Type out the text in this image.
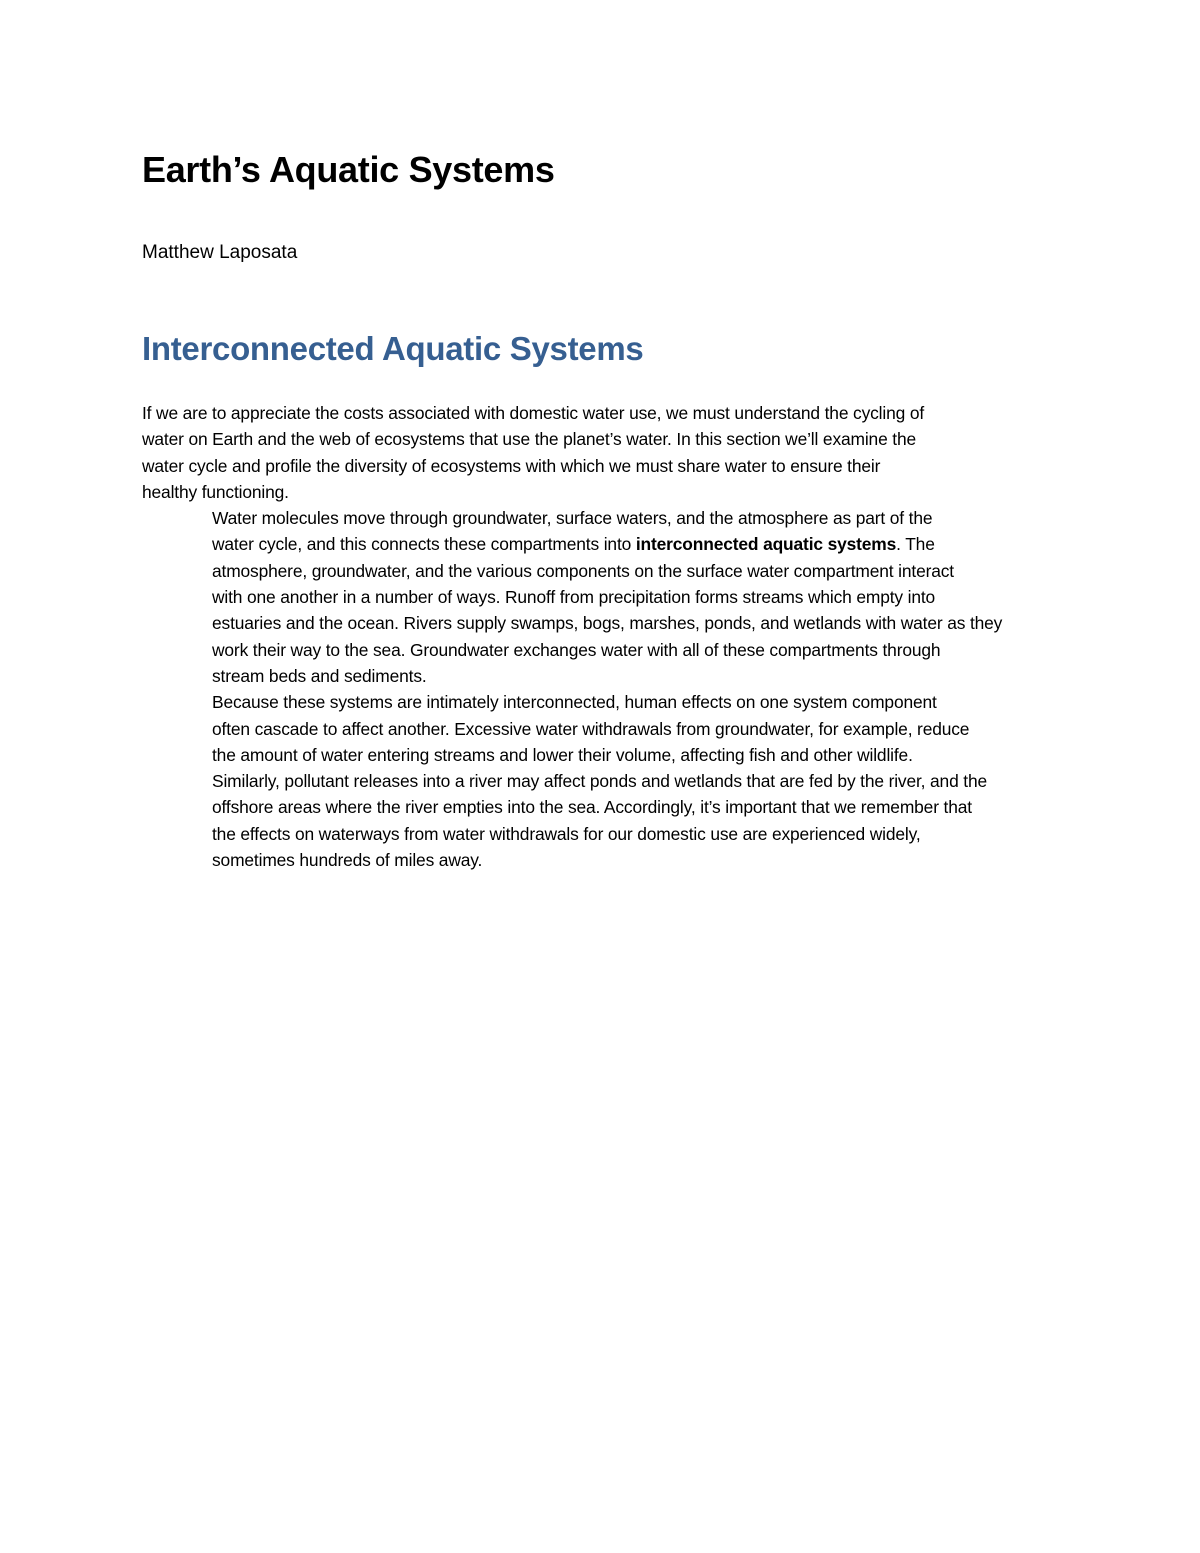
Earth’s Aquatic Systems

Matthew Laposata

Interconnected Aquatic Systems

If we are to appreciate the costs associated with domestic water use, we must understand the cycling of
water on Earth and the web of ecosystems that use the planet’s water. In this section we’ll examine the
water cycle and profile the diversity of ecosystems with which we must share water to ensure their
healthy functioning.

Water molecules move through groundwater, surface waters, and the atmosphere as part of the
water cycle, and this connects these compartments into interconnected aquatic systems. The
atmosphere, groundwater, and the various components on the surface water compartment interact
with one another in a number of ways. Runoff from precipitation forms streams which empty into
estuaries and the ocean. Rivers supply swamps, bogs, marshes, ponds, and wetlands with water as they
work their way to the sea. Groundwater exchanges water with all of these compartments through
stream beds and sediments.

Because these systems are intimately interconnected, human effects on one system component
often cascade to affect another. Excessive water withdrawals from groundwater, for example, reduce
the amount of water entering streams and lower their volume, affecting fish and other wildlife.
Similarly, pollutant releases into a river may affect ponds and wetlands that are fed by the river, and the
offshore areas where the river empties into the sea. Accordingly, it’s important that we remember that
the effects on waterways from water withdrawals for our domestic use are experienced widely,
sometimes hundreds of miles away.
